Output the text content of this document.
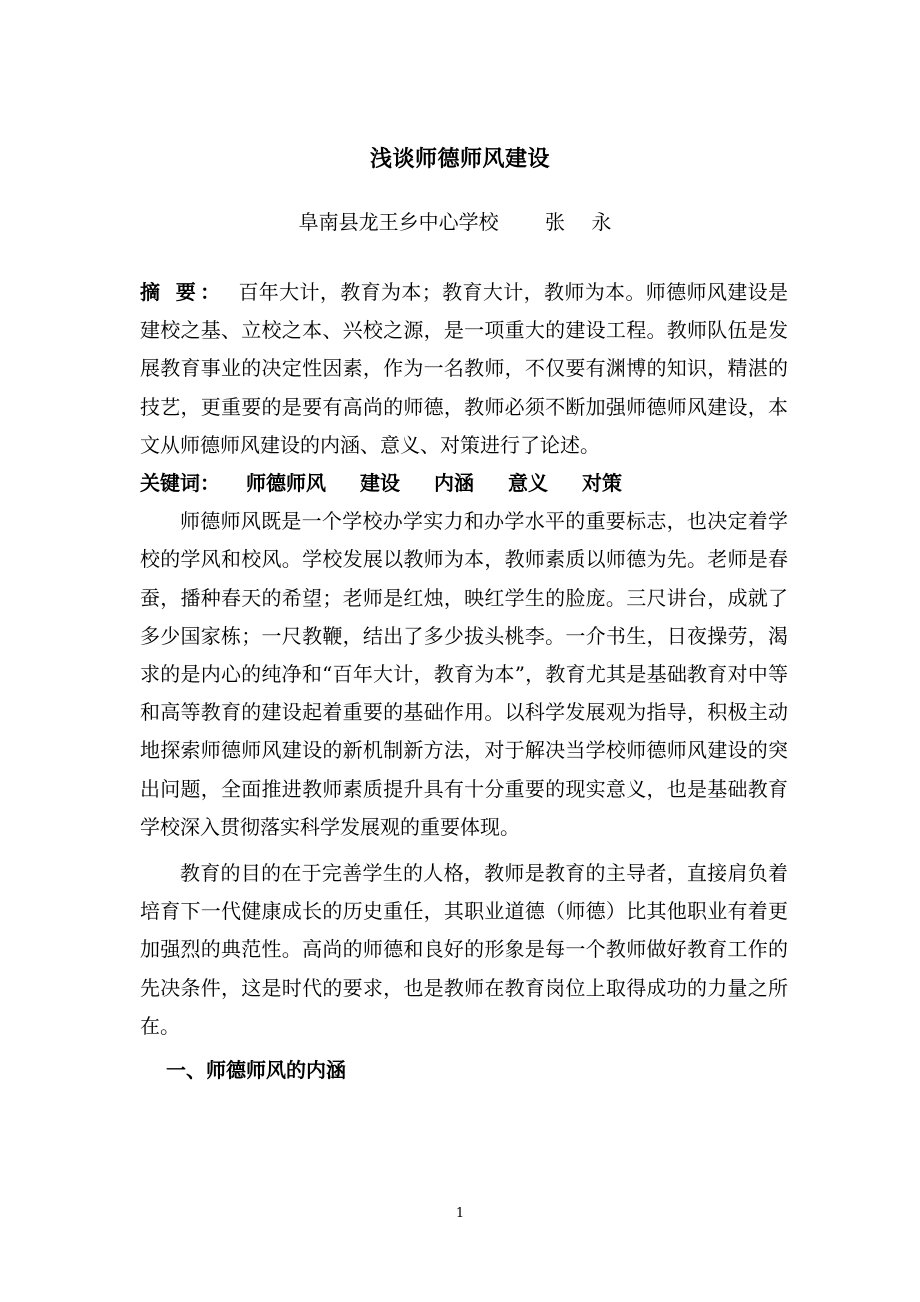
浅谈师德师风建设
阜南县龙王乡中心学校 张 永

摘 要： 百年大计，教育为本；教育大计，教师为本。师德师风建设是建校之基、立校之本、兴校之源，是一项重大的建设工程。教师队伍是发展教育事业的决定性因素，作为一名教师，不仅要有渊博的知识，精湛的技艺，更重要的是要有高尚的师德，教师必须不断加强师德师风建设，本文从师德师风建设的内涵、意义、对策进行了论述。

关键词： 师德师风 建设 内涵 意义 对策

师德师风既是一个学校办学实力和办学水平的重要标志，也决定着学校的学风和校风。学校发展以教师为本，教师素质以师德为先。老师是春蚕，播种春天的希望；老师是红烛，映红学生的脸庞。三尺讲台，成就了多少国家栋；一尺教鞭，结出了多少拔头桃李。一介书生，日夜操劳，渴求的是内心的纯净和“百年大计，教育为本”，教育尤其是基础教育对中等和高等教育的建设起着重要的基础作用。以科学发展观为指导，积极主动地探索师德师风建设的新机制新方法，对于解决当学校师德师风建设的突出问题，全面推进教师素质提升具有十分重要的现实意义，也是基础教育学校深入贯彻落实科学发展观的重要体现。

教育的目的在于完善学生的人格，教师是教育的主导者，直接肩负着培育下一代健康成长的历史重任，其职业道德（师德）比其他职业有着更加强烈的典范性。高尚的师德和良好的形象是每一个教师做好教育工作的先决条件，这是时代的要求，也是教师在教育岗位上取得成功的力量之所在。

一、师德师风的内涵

1
